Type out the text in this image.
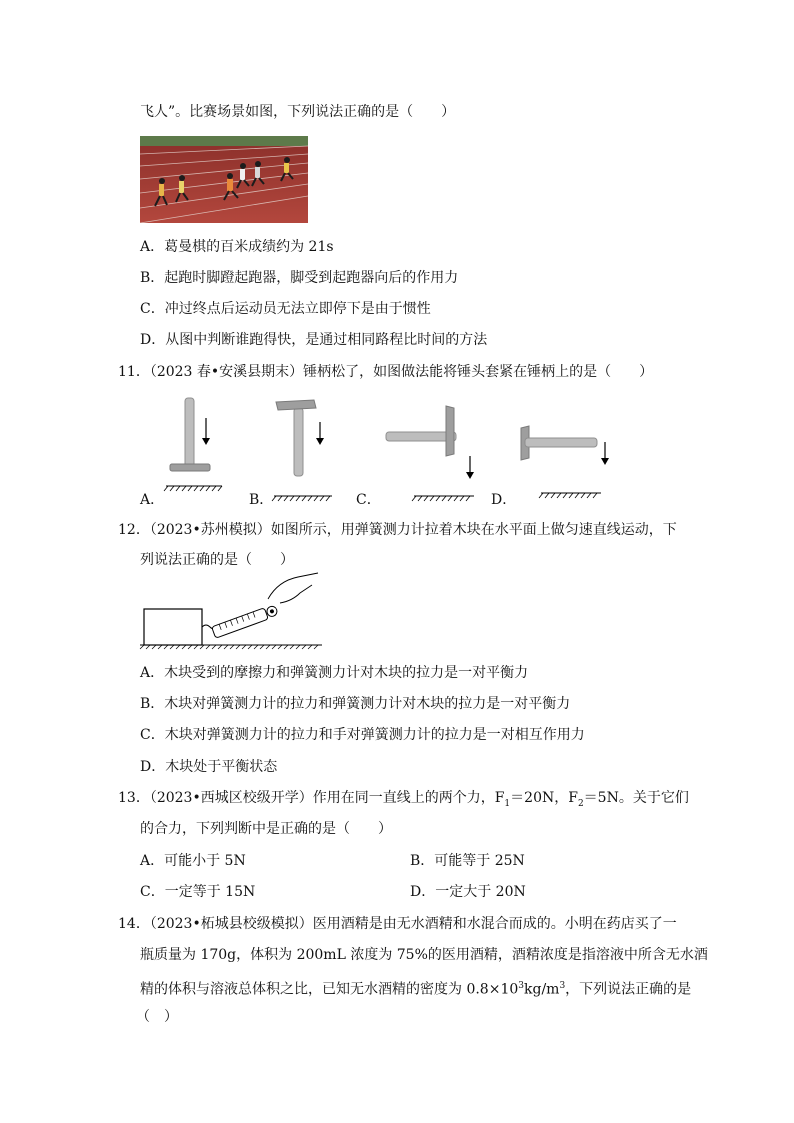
飞人”。比赛场景如图，下列说法正确的是（　　）
A．葛曼棋的百米成绩约为 21s
B．起跑时脚蹬起跑器，脚受到起跑器向后的作用力
C．冲过终点后运动员无法立即停下是由于惯性
D．从图中判断谁跑得快，是通过相同路程比时间的方法
11．（2023 春•安溪县期末）锤柄松了，如图做法能将锤头套紧在锤柄上的是（　　）
A．	B．	C．	D．
12．（2023•苏州模拟）如图所示，用弹簧测力计拉着木块在水平面上做匀速直线运动，下
列说法正确的是（　　）
A．木块受到的摩擦力和弹簧测力计对木块的拉力是一对平衡力
B．木块对弹簧测力计的拉力和弹簧测力计对木块的拉力是一对平衡力
C．木块对弹簧测力计的拉力和手对弹簧测力计的拉力是一对相互作用力
D．木块处于平衡状态
13．（2023•西城区校级开学）作用在同一直线上的两个力，$F_1=20N$，$F_2=5N$。关于它们
的合力，下列判断中是正确的是（　　）
A．可能小于 5N	B．可能等于 25N
C．一定等于 15N	D．一定大于 20N
14．（2023•柘城县校级模拟）医用酒精是由无水酒精和水混合而成的。小明在药店买了一
瓶质量为 170g，体积为 200mL 浓度为 75%的医用酒精，酒精浓度是指溶液中所含无水酒
精的体积与溶液总体积之比，已知无水酒精的密度为 $0.8\times 10^3kg/m^3$，下列说法正确的是
（　）
